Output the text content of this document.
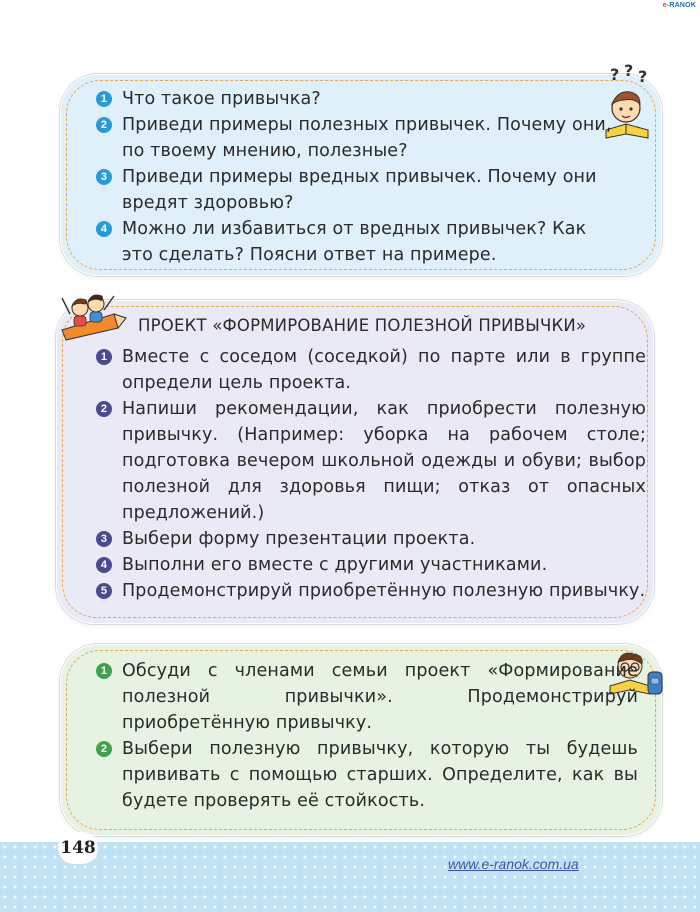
e-RANOK
? ? ?
1 Что такое привычка?
2 Приведи примеры полезных привычек. Почему они, по твоему мнению, полезные?
3 Приведи примеры вредных привычек. Почему они вредят здоровью?
4 Можно ли избавиться от вредных привычек? Как это сделать? Поясни ответ на примере.
ПРОЕКТ «ФОРМИРОВАНИЕ ПОЛЕЗНОЙ ПРИВЫЧКИ»
1 Вместе с соседом (соседкой) по парте или в группе определи цель проекта.
2 Напиши рекомендации, как приобрести полезную привычку. (Например: уборка на рабочем столе; подготовка вечером школьной одежды и обуви; выбор полезной для здоровья пищи; отказ от опасных предложений.)
3 Выбери форму презентации проекта.
4 Выполни его вместе с другими участниками.
5 Продемонстрируй приобретённую полезную привычку.
1 Обсуди с членами семьи проект «Формирование полезной привычки». Продемонстрируй приобретённую привычку.
2 Выбери полезную привычку, которую ты будешь прививать с помощью старших. Определите, как вы будете проверять её стойкость.
148
www.e-ranok.com.ua
